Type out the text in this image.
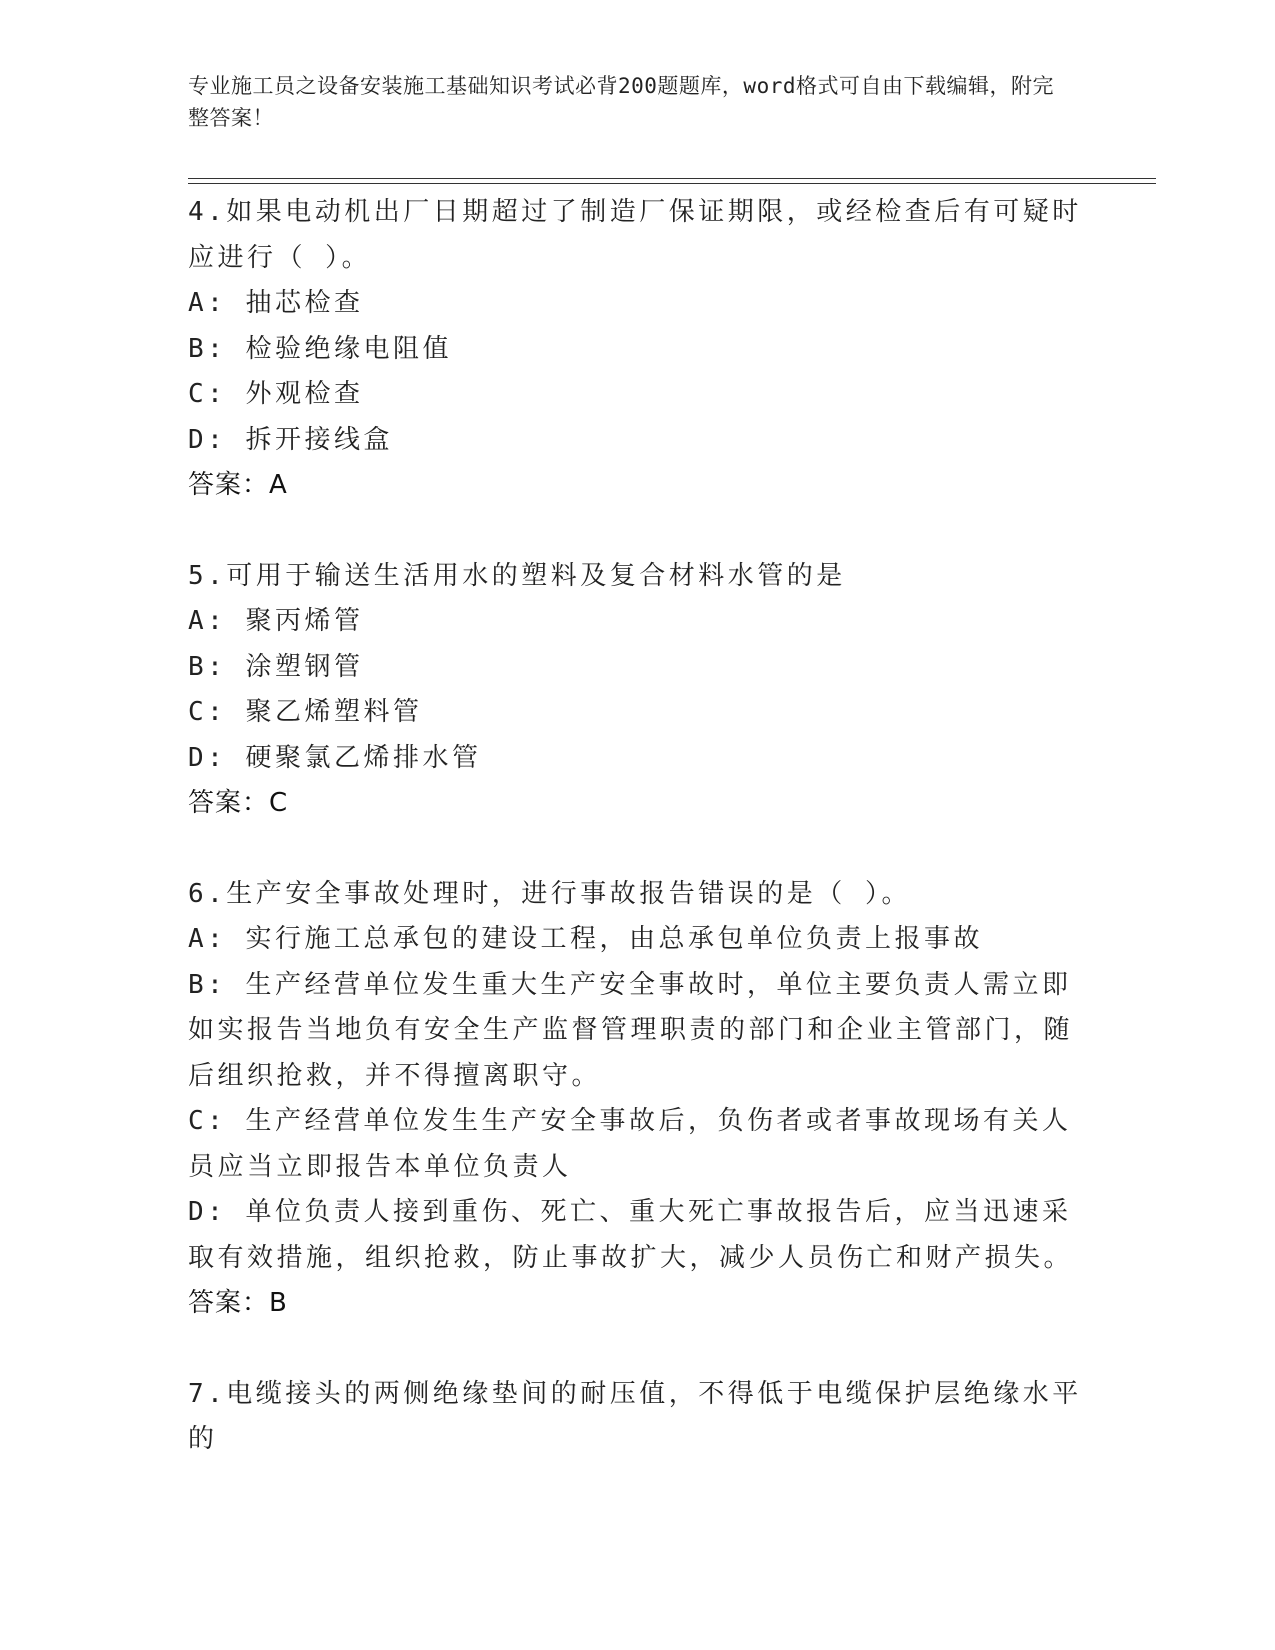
专业施工员之设备安装施工基础知识考试必背200题题库，word格式可自由下载编辑，附完整答案！
4.如果电动机出厂日期超过了制造厂保证期限，或经检查后有可疑时应进行（ ）。
A: 抽芯检查
B: 检验绝缘电阻值
C: 外观检查
D: 拆开接线盒
答案：A
5.可用于输送生活用水的塑料及复合材料水管的是
A: 聚丙烯管
B: 涂塑钢管
C: 聚乙烯塑料管
D: 硬聚氯乙烯排水管
答案：C
6.生产安全事故处理时，进行事故报告错误的是（ ）。
A: 实行施工总承包的建设工程，由总承包单位负责上报事故
B: 生产经营单位发生重大生产安全事故时，单位主要负责人需立即如实报告当地负有安全生产监督管理职责的部门和企业主管部门，随后组织抢救，并不得擅离职守。
C: 生产经营单位发生生产安全事故后，负伤者或者事故现场有关人员应当立即报告本单位负责人
D: 单位负责人接到重伤、死亡、重大死亡事故报告后，应当迅速采取有效措施，组织抢救，防止事故扩大，减少人员伤亡和财产损失。
答案：B
7.电缆接头的两侧绝缘垫间的耐压值，不得低于电缆保护层绝缘水平的
